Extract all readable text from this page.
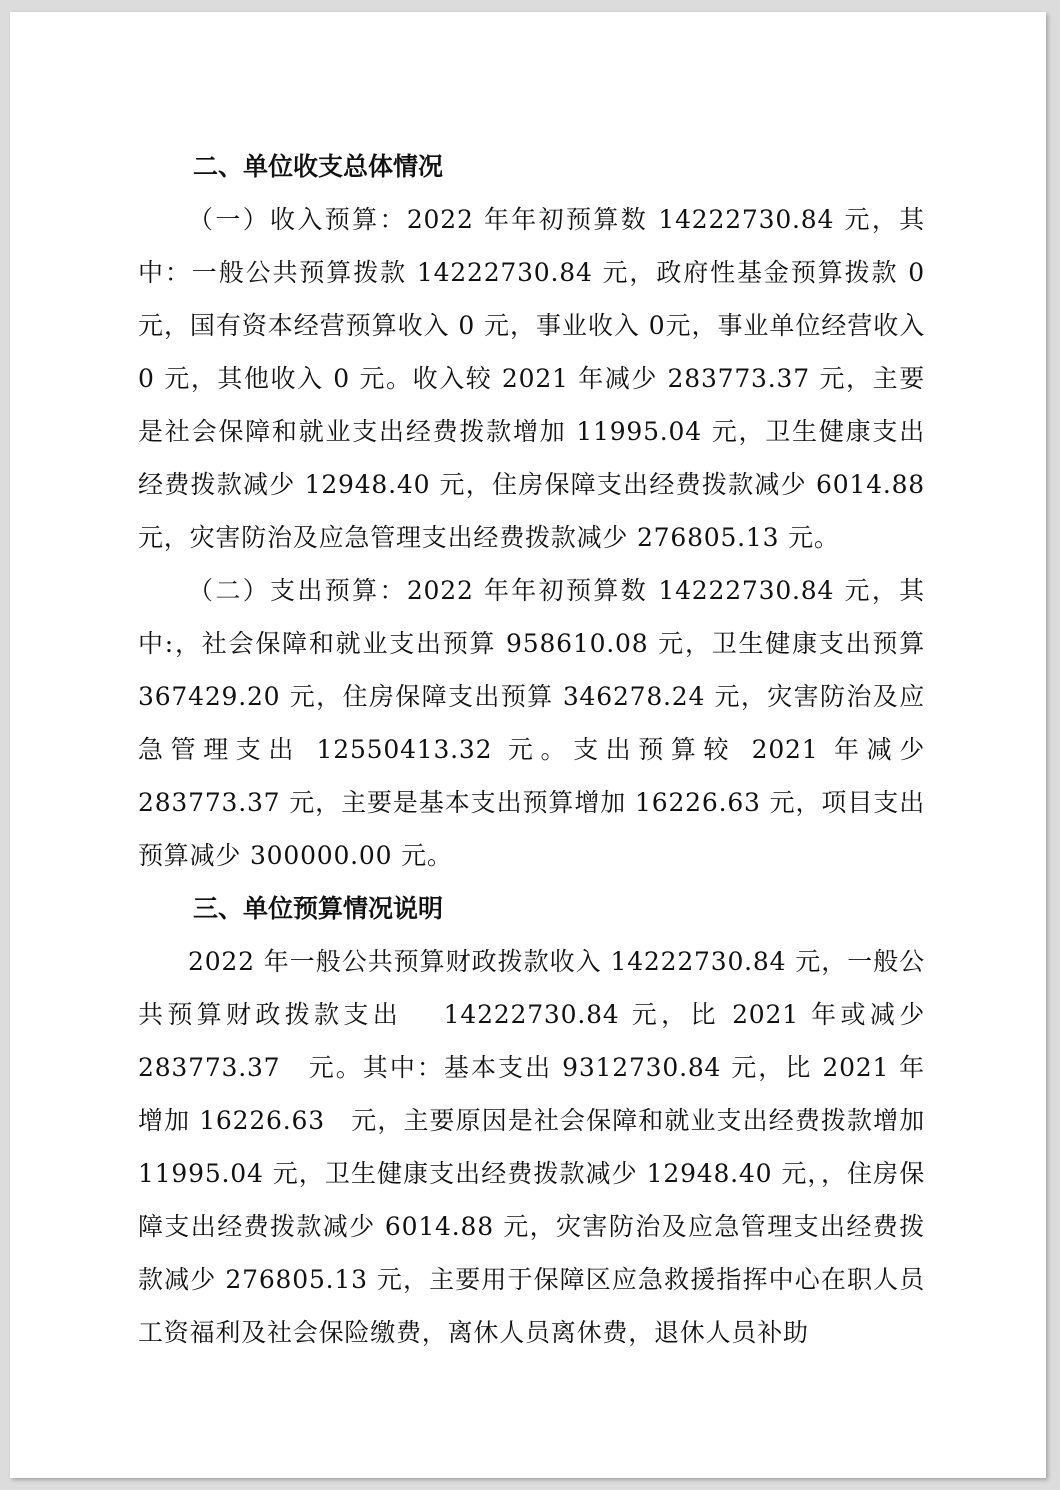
二、单位收支总体情况

（一）收入预算：2022 年年初预算数 14222730.84 元，其中：一般公共预算拨款 14222730.84 元，政府性基金预算拨款 0 元，国有资本经营预算收入 0 元，事业收入 0元，事业单位经营收入 0 元，其他收入 0 元。收入较 2021 年减少 283773.37 元，主要是社会保障和就业支出经费拨款增加 11995.04 元，卫生健康支出经费拨款减少 12948.40 元，住房保障支出经费拨款减少 6014.88 元，灾害防治及应急管理支出经费拨款减少 276805.13 元。

（二）支出预算：2022 年年初预算数 14222730.84 元，其中:，社会保障和就业支出预算 958610.08 元，卫生健康支出预算 367429.20 元，住房保障支出预算 346278.24 元，灾害防治及应急管理支出 12550413.32 元。支出预算较 2021 年减少 283773.37 元，主要是基本支出预算增加 16226.63 元，项目支出预算减少 300000.00 元。

三、单位预算情况说明

2022 年一般公共预算财政拨款收入 14222730.84 元，一般公共预算财政拨款支出　 14222730.84 元，比 2021 年或减少 283773.37　元。其中：基本支出 9312730.84 元，比 2021 年增加 16226.63　元，主要原因是社会保障和就业支出经费拨款增加 11995.04 元，卫生健康支出经费拨款减少 12948.40 元，，住房保障支出经费拨款减少 6014.88 元，灾害防治及应急管理支出经费拨款减少 276805.13 元，主要用于保障区应急救援指挥中心在职人员工资福利及社会保险缴费，离休人员离休费，退休人员补助
